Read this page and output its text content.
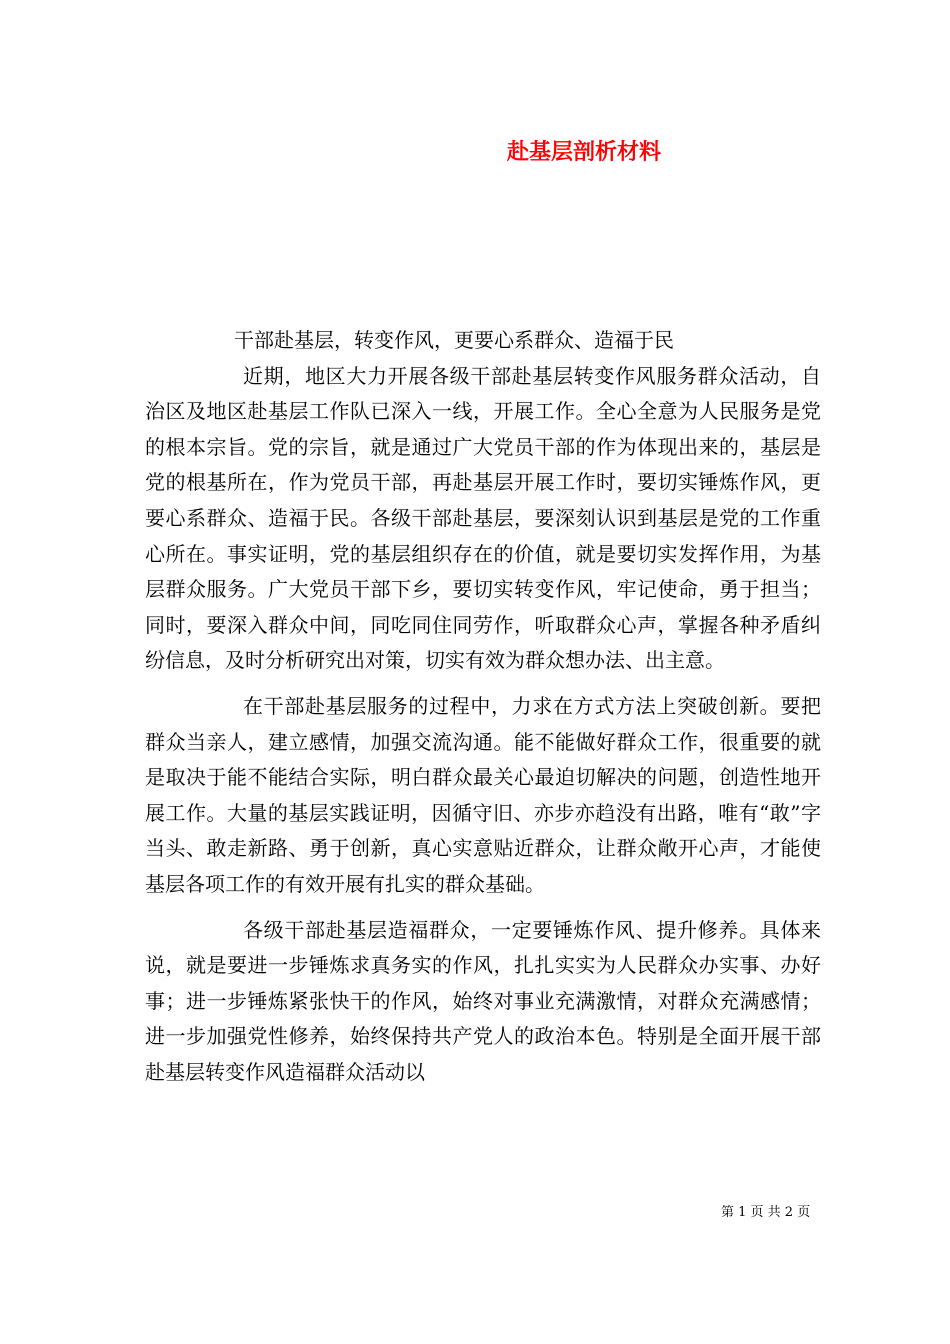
赴基层剖析材料

干部赴基层，转变作风，更要心系群众、造福于民

近期，地区大力开展各级干部赴基层转变作风服务群众活动，自治区及地区赴基层工作队已深入一线，开展工作。全心全意为人民服务是党的根本宗旨。党的宗旨，就是通过广大党员干部的作为体现出来的，基层是党的根基所在，作为党员干部，再赴基层开展工作时，要切实锤炼作风，更要心系群众、造福于民。各级干部赴基层，要深刻认识到基层是党的工作重心所在。事实证明，党的基层组织存在的价值，就是要切实发挥作用，为基层群众服务。广大党员干部下乡，要切实转变作风，牢记使命，勇于担当；同时，要深入群众中间，同吃同住同劳作，听取群众心声，掌握各种矛盾纠纷信息，及时分析研究出对策，切实有效为群众想办法、出主意。

在干部赴基层服务的过程中，力求在方式方法上突破创新。要把群众当亲人，建立感情，加强交流沟通。能不能做好群众工作，很重要的就是取决于能不能结合实际，明白群众最关心最迫切解决的问题，创造性地开展工作。大量的基层实践证明，因循守旧、亦步亦趋没有出路，唯有“敢”字当头、敢走新路、勇于创新，真心实意贴近群众，让群众敞开心声，才能使基层各项工作的有效开展有扎实的群众基础。

各级干部赴基层造福群众，一定要锤炼作风、提升修养。具体来说，就是要进一步锤炼求真务实的作风，扎扎实实为人民群众办实事、办好事；进一步锤炼紧张快干的作风，始终对事业充满激情，对群众充满感情；进一步加强党性修养，始终保持共产党人的政治本色。特别是全面开展干部赴基层转变作风造福群众活动以

第 1 页 共 2 页
